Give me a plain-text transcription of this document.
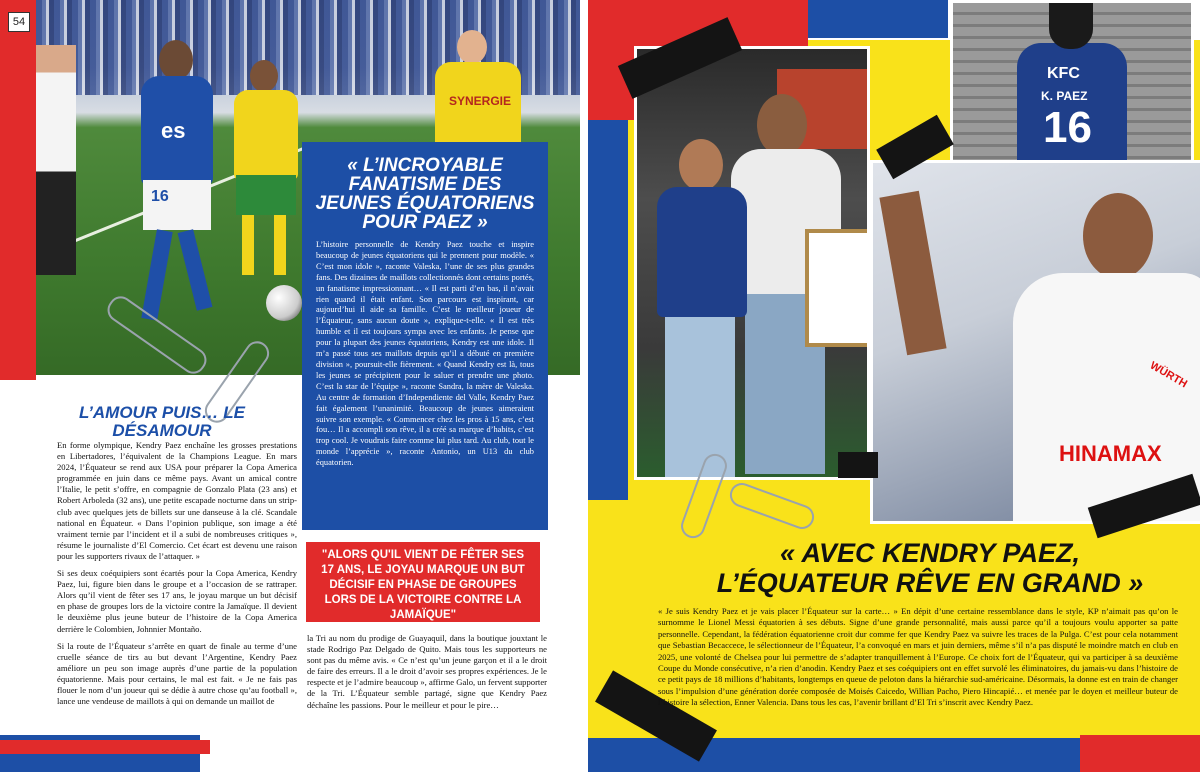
54
es
16
SYNERGIE
L’AMOUR PUIS… LE DÉSAMOUR

En forme olympique, Kendry Paez enchaîne les grosses prestations en Libertadores, l’équivalent de la Champions League. En mars 2024, l’Équateur se rend aux USA pour préparer la Copa America programmée en juin dans ce même pays. Avant un amical contre l’Italie, le petit s’offre, en compagnie de Gonzalo Plata (23 ans) et Robert Arboleda (32 ans), une petite escapade nocturne dans un strip-club avec quelques jets de billets sur une danseuse à la clé. Scandale national en Équateur. « Dans l’opinion publique, son image a été vraiment ternie par l’incident et il a subi de nombreuses critiques », résume le journaliste d’El Comercio. Cet écart est devenu une raison pour les supporters rivaux de l’attaquer. »

Si ses deux coéquipiers sont écartés pour la Copa America, Kendry Paez, lui, figure bien dans le groupe et a l’occasion de se rattraper. Alors qu’il vient de fêter ses 17 ans, le joyau marque un but décisif en phase de groupes lors de la victoire contre la Jamaïque. Il devient le deuxième plus jeune buteur de l’histoire de la Copa America derrière le Colombien, Johnnier Montaño.

Si la route de l’Équateur s’arrête en quart de finale au terme d’une cruelle séance de tirs au but devant l’Argentine, Kendry Paez améliore un peu son image auprès d’une partie de la population équatorienne. Mais pour certains, le mal est fait. « Je ne fais pas flouer le nom d’un joueur qui se dédie à autre chose qu’au football », lance une vendeuse de maillots à qui on demande un maillot de

« L’INCROYABLE FANATISME DES JEUNES ÉQUATORIENS POUR PAEZ »
L’histoire personnelle de Kendry Paez touche et inspire beaucoup de jeunes équatoriens qui le prennent pour modèle. « C’est mon idole », raconte Valeska, l’une de ses plus grandes fans. Des dizaines de maillots collectionnés dont certains portés, un fanatisme impressionnant… « Il est parti d’en bas, il n’avait rien quand il était enfant. Son parcours est inspirant, car aujourd’hui il aide sa famille. C’est le meilleur joueur de l’Équateur, sans aucun doute », explique-t-elle. « Il est très humble et il est toujours sympa avec les enfants. Je pense que pour la plupart des jeunes équatoriens, Kendry est une idole. Il m’a passé tous ses maillots depuis qu’il a débuté en première division », poursuit-elle fièrement. « Quand Kendry est là, tous les jeunes se précipitent pour le saluer et prendre une photo. C’est la star de l’équipe », raconte Sandra, la mère de Valeska. Au centre de formation d’Independiente del Valle, Kendry Paez fait également l’unanimité. Beaucoup de jeunes aimeraient suivre son exemple. « Commencer chez les pros à 15 ans, c’est fou… Il a accompli son rêve, il a créé sa marque d’habits, c’est trop cool. Je voudrais faire comme lui plus tard. Au club, tout le monde l’apprécie », raconte Antonio, un U13 du club équatorien.
"ALORS QU'IL VIENT DE FÊTER SES 17 ANS, LE JOYAU MARQUE UN BUT DÉCISIF EN PHASE DE GROUPES LORS DE LA VICTOIRE CONTRE LA JAMAÏQUE"
la Tri au nom du prodige de Guayaquil, dans la boutique jouxtant le stade Rodrigo Paz Delgado de Quito. Mais tous les supporteurs ne sont pas du même avis. « Ce n’est qu’un jeune garçon et il a le droit de faire des erreurs. Il a le droit d’avoir ses propres expériences. Je le respecte et je l’admire beaucoup », affirme Galo, un fervent supporter de la Tri. L’Équateur semble partagé, signe que Kendry Paez déchaîne les passions. Pour le meilleur et pour le pire…
KFC
K. PAEZ
16
HINAMAX
WÜRTH
« AVEC KENDRY PAEZ, L’ÉQUATEUR RÊVE EN GRAND »
« Je suis Kendry Paez et je vais placer l’Équateur sur la carte… » En dépit d’une certaine ressemblance dans le style, KP n’aimait pas qu’on le surnomme le Lionel Messi équatorien à ses débuts. Signe d’une grande personnalité, mais aussi parce qu’il a toujours voulu apporter sa patte personnelle. Cependant, la fédération équatorienne croit dur comme fer que Kendry Paez va suivre les traces de la Pulga. C’est pour cela notamment que Sebastian Becaccece, le sélectionneur de l’Équateur, l’a convoqué en mars et juin derniers, même s’il n’a pas disputé le moindre match en club en 2025, une volonté de Chelsea pour lui permettre de s’adapter tranquillement à l’Europe. Ce choix fort de l’Équateur, qui va participer à sa deuxième Coupe du Monde consécutive, n’a rien d’anodin. Kendry Paez et ses coéquipiers ont en effet survolé les éliminatoires, du jamais-vu dans l’histoire de ce petit pays de 18 millions d’habitants, longtemps en queue de peloton dans la hiérarchie sud-américaine. Désormais, la donne est en train de changer sous l’impulsion d’une génération dorée composée de Moisés Caicedo, Willian Pacho, Piero Hincapié… et menée par le doyen et meilleur buteur de l’histoire la sélection, Enner Valencia. Dans tous les cas, l’avenir brillant d’El Tri s’inscrit avec Kendry Paez.
